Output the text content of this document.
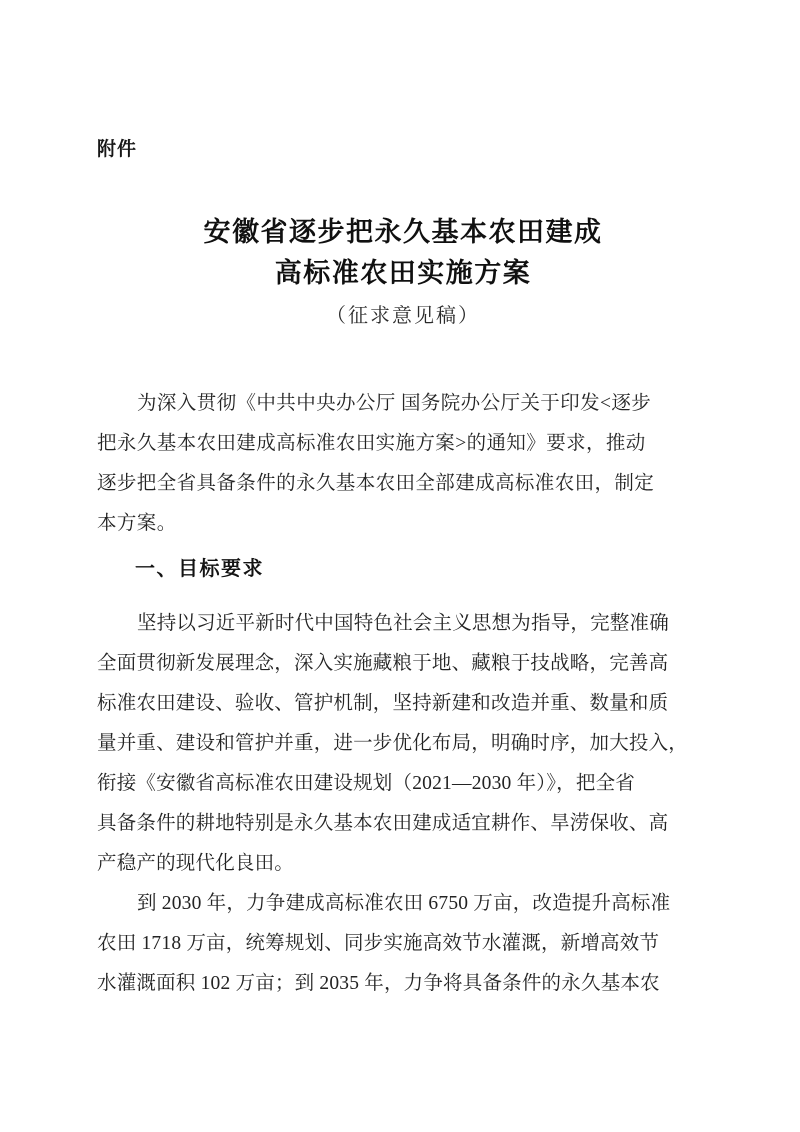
附件
安徽省逐步把永久基本农田建成
高标准农田实施方案
（征求意见稿）
为深入贯彻《中共中央办公厅 国务院办公厅关于印发<逐步
把永久基本农田建成高标准农田实施方案>的通知》要求，推动
逐步把全省具备条件的永久基本农田全部建成高标准农田，制定
本方案。
一、目标要求
坚持以习近平新时代中国特色社会主义思想为指导，完整准确
全面贯彻新发展理念，深入实施藏粮于地、藏粮于技战略，完善高
标准农田建设、验收、管护机制，坚持新建和改造并重、数量和质
量并重、建设和管护并重，进一步优化布局，明确时序，加大投入，
衔接《安徽省高标准农田建设规划（2021—2030 年）》，把全省
具备条件的耕地特别是永久基本农田建成适宜耕作、旱涝保收、高
产稳产的现代化良田。
到 2030 年，力争建成高标准农田 6750 万亩，改造提升高标准
农田 1718 万亩，统筹规划、同步实施高效节水灌溉，新增高效节
水灌溉面积 102 万亩；到 2035 年，力争将具备条件的永久基本农
